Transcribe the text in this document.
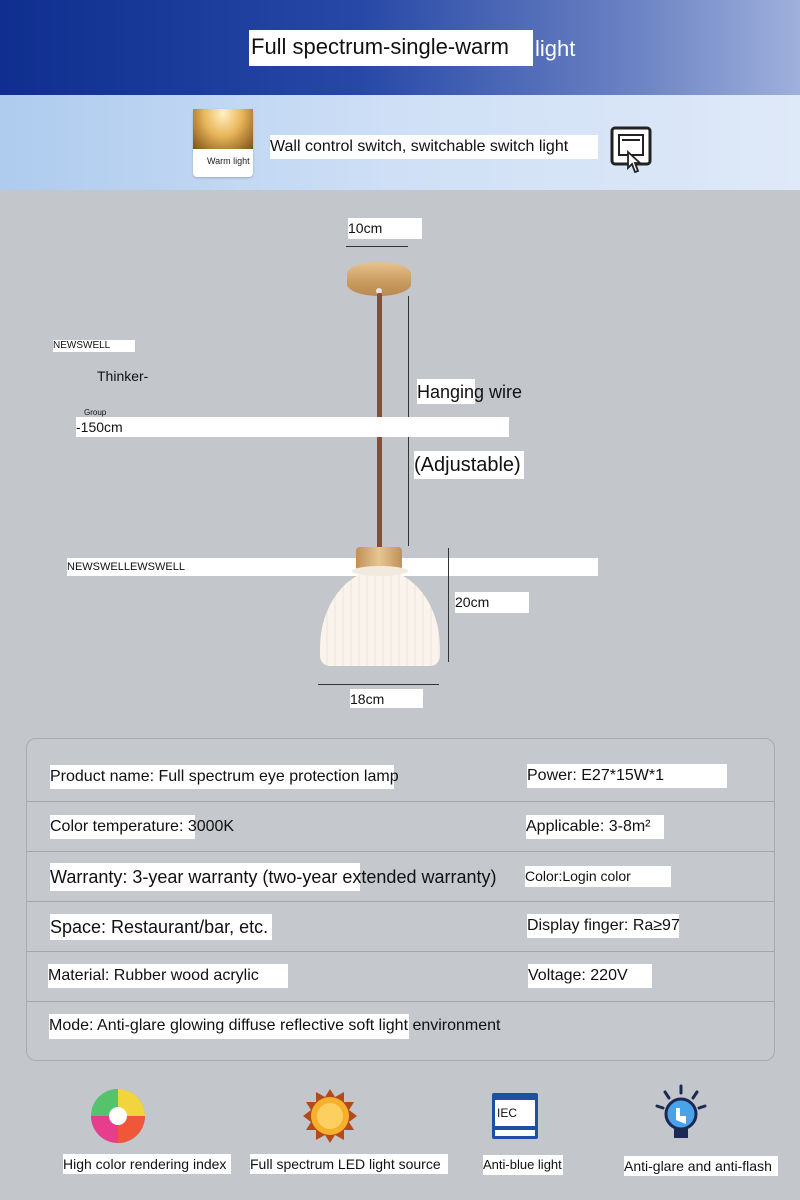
Full spectrum-single-warm	light
Warm light
Wall control switch, switchable switch light
10cm
Hanging wire
(Adjustable)
NEWSWELL
Thinker-
Group
-150cm
NEWSWELLEWSWELL
20cm
18cm
Product name: Full spectrum eye protection lamp	Power: E27*15W*1
Color temperature: 3000K	Applicable: 3-8m²
Warranty: 3-year warranty (two-year extended warranty) Color:Login color
Space: Restaurant/bar, etc.	Display finger: Ra≥97
Material: Rubber wood acrylic	Voltage: 220V
Mode: Anti-glare glowing diffuse reflective soft light environment
High color rendering index	Full spectrum LED light source
IEC
Anti-blue light	Anti-glare and anti-flash
